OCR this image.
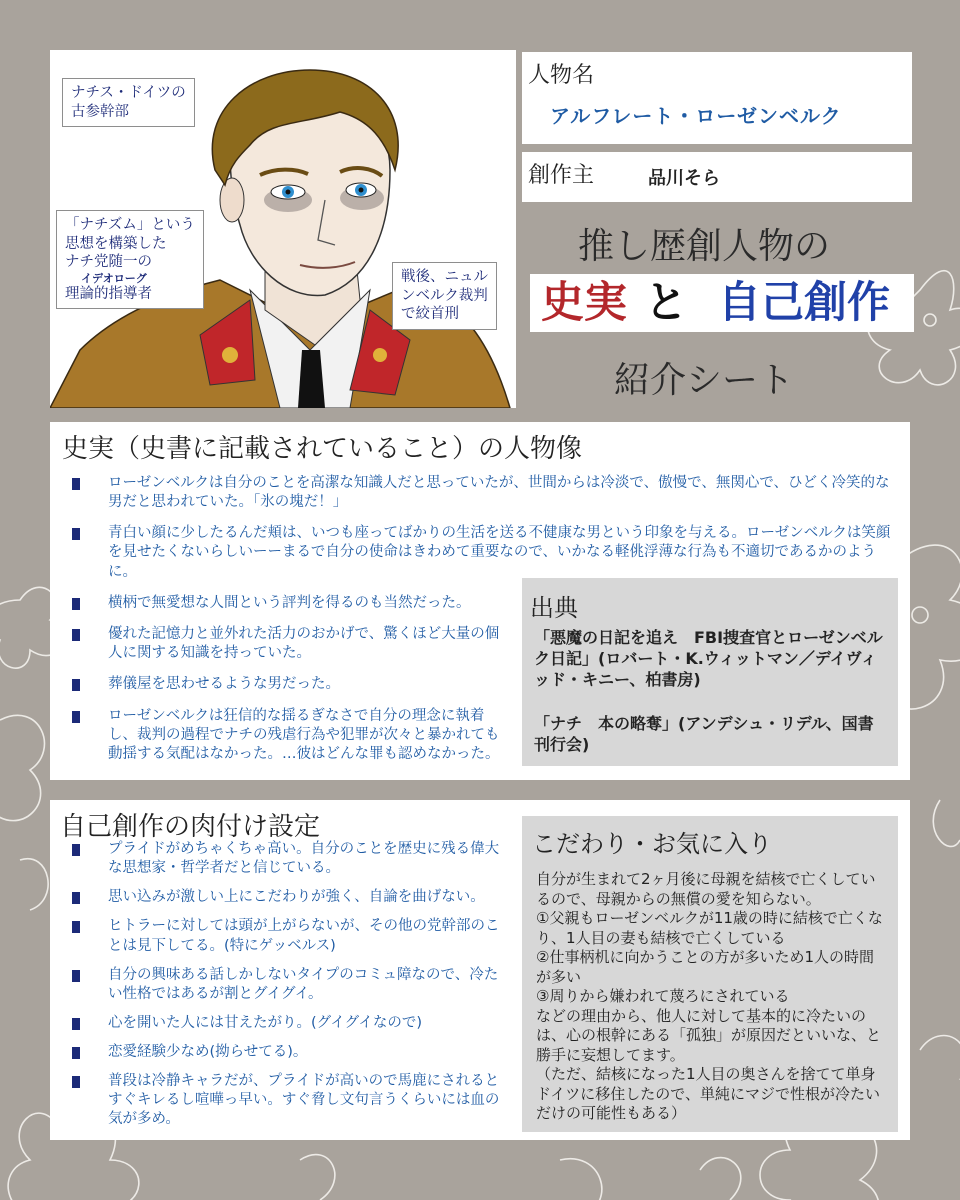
ナチス・ドイツの
古参幹部
「ナチズム」という
思想を構築した
ナチ党随一の
イデオローグ
理論的指導者
戦後、ニュル
ンベルク裁判
で絞首刑
人物名
アルフレート・ローゼンベルク
創作主	品川そら
推し歴創人物の
史実 と 自己創作
紹介シート
史実（史書に記載されていること）の人物像
ローゼンベルクは自分のことを高潔な知識人だと思っていたが、世間からは冷淡で、傲慢で、無関心で、ひどく冷笑的な男だと思われていた。「氷の塊だ！」
青白い顔に少したるんだ頬は、いつも座ってばかりの生活を送る不健康な男という印象を与える。ローゼンベルクは笑顔を見せたくないらしいーーまるで自分の使命はきわめて重要なので、いかなる軽佻浮薄な行為も不適切であるかのように。
横柄で無愛想な人間という評判を得るのも当然だった。
優れた記憶力と並外れた活力のおかげで、驚くほど大量の個人に関する知識を持っていた。
葬儀屋を思わせるような男だった。
ローゼンベルクは狂信的な揺るぎなさで自分の理念に執着し、裁判の過程でナチの残虐行為や犯罪が次々と暴かれても動揺する気配はなかった。…彼はどんな罪も認めなかった。
出典
「悪魔の日記を追え　FBI捜査官とローゼンベルク日記」(ロバート・K.ウィットマン／デイヴィッド・キニー、柏書房)
「ナチ　本の略奪」(アンデシュ・リデル、国書刊行会)
自己創作の肉付け設定
プライドがめちゃくちゃ高い。自分のことを歴史に残る偉大な思想家・哲学者だと信じている。
思い込みが激しい上にこだわりが強く、自論を曲げない。
ヒトラーに対しては頭が上がらないが、その他の党幹部のことは見下してる。(特にゲッベルス)
自分の興味ある話しかしないタイプのコミュ障なので、冷たい性格ではあるが割とグイグイ。
心を開いた人には甘えたがり。(グイグイなので)
恋愛経験少なめ(拗らせてる)。
普段は冷静キャラだが、プライドが高いので馬鹿にされるとすぐキレるし喧嘩っ早い。すぐ脅し文句言うくらいには血の気が多め。
こだわり・お気に入り
自分が生まれて2ヶ月後に母親を結核で亡くしているので、母親からの無償の愛を知らない。
①父親もローゼンベルクが11歳の時に結核で亡くなり、1人目の妻も結核で亡くしている
②仕事柄机に向かうことの方が多いため1人の時間が多い
③周りから嫌われて蔑ろにされている
などの理由から、他人に対して基本的に冷たいのは、心の根幹にある「孤独」が原因だといいな、と勝手に妄想してます。
（ただ、結核になった1人目の奥さんを捨てて単身ドイツに移住したので、単純にマジで性根が冷たいだけの可能性もある）
